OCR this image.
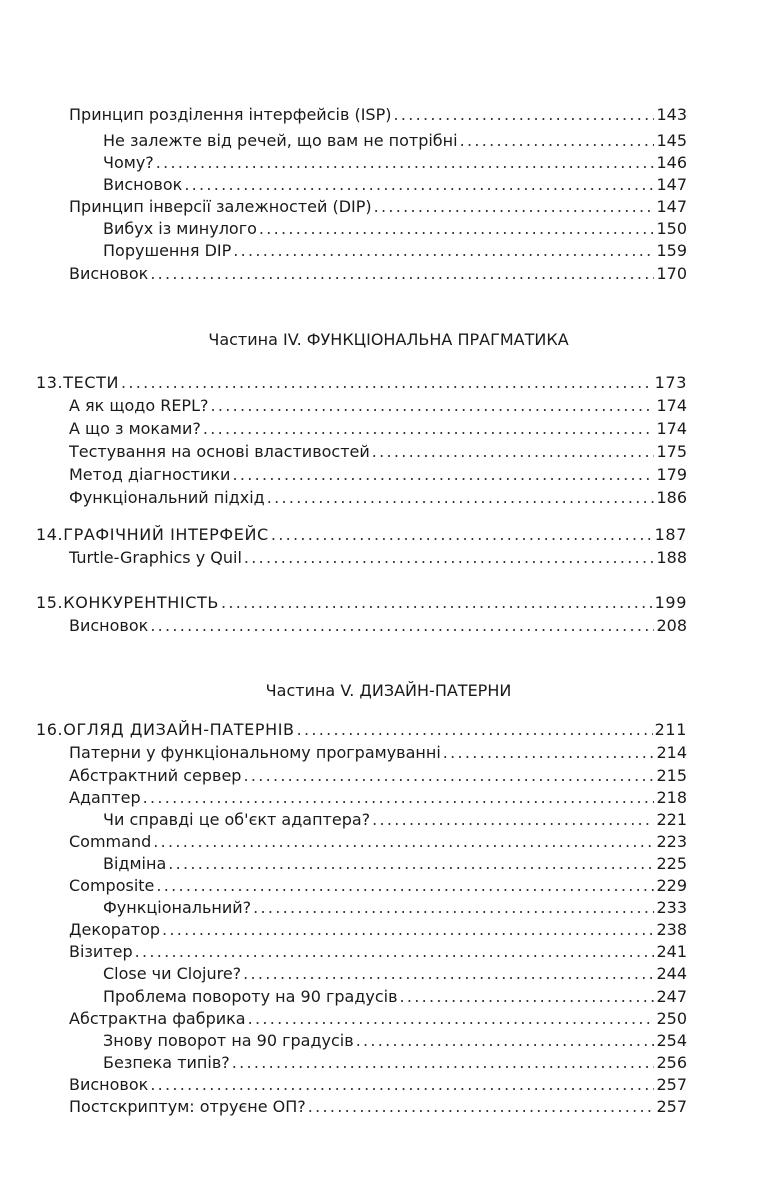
Принцип розділення інтерфейсів (ISP) . . .	143
Не залежте від речей, що вам не потрібні . . .	145
Чому? . . .	146
Висновок . . .	147
Принцип інверсії залежностей (DIP) . . .	147
Вибух із минулого . . .	150
Порушення DIP . . .	159
Висновок . . .	170
Частина IV. ФУНКЦІОНАЛЬНА ПРАГМАТИКА
13. ТЕСТИ . . .	173
А як щодо REPL? . . .	174
А що з моками? . . .	174
Тестування на основі властивостей . . .	175
Метод діагностики . . .	179
Функціональний підхід . . .	186
14. ГРАФІЧНИЙ ІНТЕРФЕЙС . . .	187
Turtle-Graphics у Quil . . .	188
15. КОНКУРЕНТНІСТЬ . . .	199
Висновок . . .	208
Частина V. ДИЗАЙН-ПАТЕРНИ
16. ОГЛЯД ДИЗАЙН-ПАТЕРНІВ . . .	211
Патерни у функціональному програмуванні . . .	214
Абстрактний сервер . . .	215
Адаптер . . .	218
Чи справді це об'єкт адаптера? . . .	221
Command . . .	223
Відміна . . .	225
Composite . . .	229
Функціональний? . . .	233
Декоратор . . .	238
Візитер . . .	241
Close чи Clojure? . . .	244
Проблема повороту на 90 градусів . . .	247
Абстрактна фабрика . . .	250
Знову поворот на 90 градусів . . .	254
Безпека типів? . . .	256
Висновок . . .	257
Постскриптум: отруєне ОП? . . .	257
